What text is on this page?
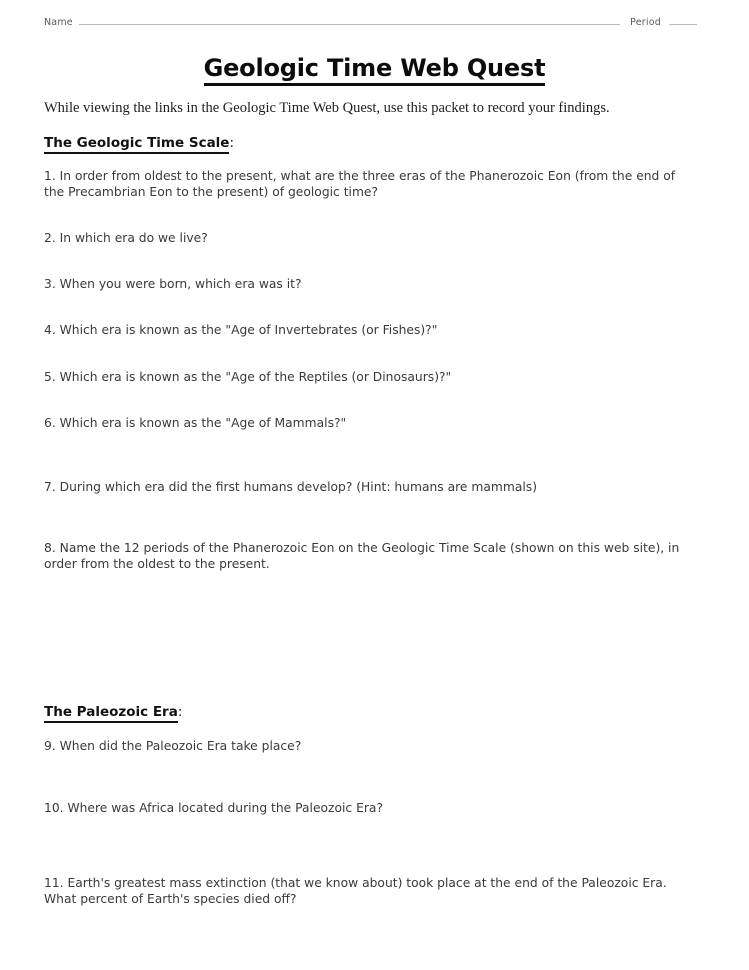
Name	Period
Geologic Time Web Quest
While viewing the links in the Geologic Time Web Quest, use this packet to record your findings.
The Geologic Time Scale:
1. In order from oldest to the present, what are the three eras of the Phanerozoic Eon (from the end of the Precambrian Eon to the present) of geologic time?
2. In which era do we live?
3. When you were born, which era was it?
4. Which era is known as the "Age of Invertebrates (or Fishes)?"
5. Which era is known as the "Age of the Reptiles (or Dinosaurs)?"
6. Which era is known as the "Age of Mammals?"
7. During which era did the first humans develop? (Hint: humans are mammals)
8. Name the 12 periods of the Phanerozoic Eon on the Geologic Time Scale (shown on this web site), in order from the oldest to the present.
The Paleozoic Era:
9. When did the Paleozoic Era take place?
10. Where was Africa located during the Paleozoic Era?
11. Earth's greatest mass extinction (that we know about) took place at the end of the Paleozoic Era. What percent of Earth's species died off?
